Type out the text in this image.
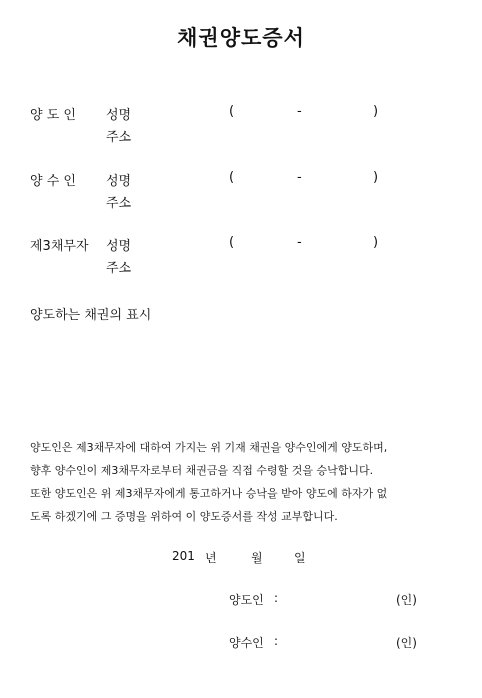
채권양도증서
양 도 인 성명	(	-	)
주소
양 수 인 성명	(	-	)
주소
제3채무자 성명	(	-	)
주소
양도하는 채권의 표시
양도인은 제3채무자에 대하여 가지는 위 기재 채권을 양수인에게 양도하며,
향후 양수인이 제3채무자로부터 채권금을 직접 수령할 것을 승낙합니다.
또한 양도인은 위 제3채무자에게 통고하거나 승낙을 받아 양도에 하자가 없
도록 하겠기에 그 증명을 위하여 이 양도증서를 작성 교부합니다.
201 년	월	일
양도인 :	(인)
양수인 :	(인)
